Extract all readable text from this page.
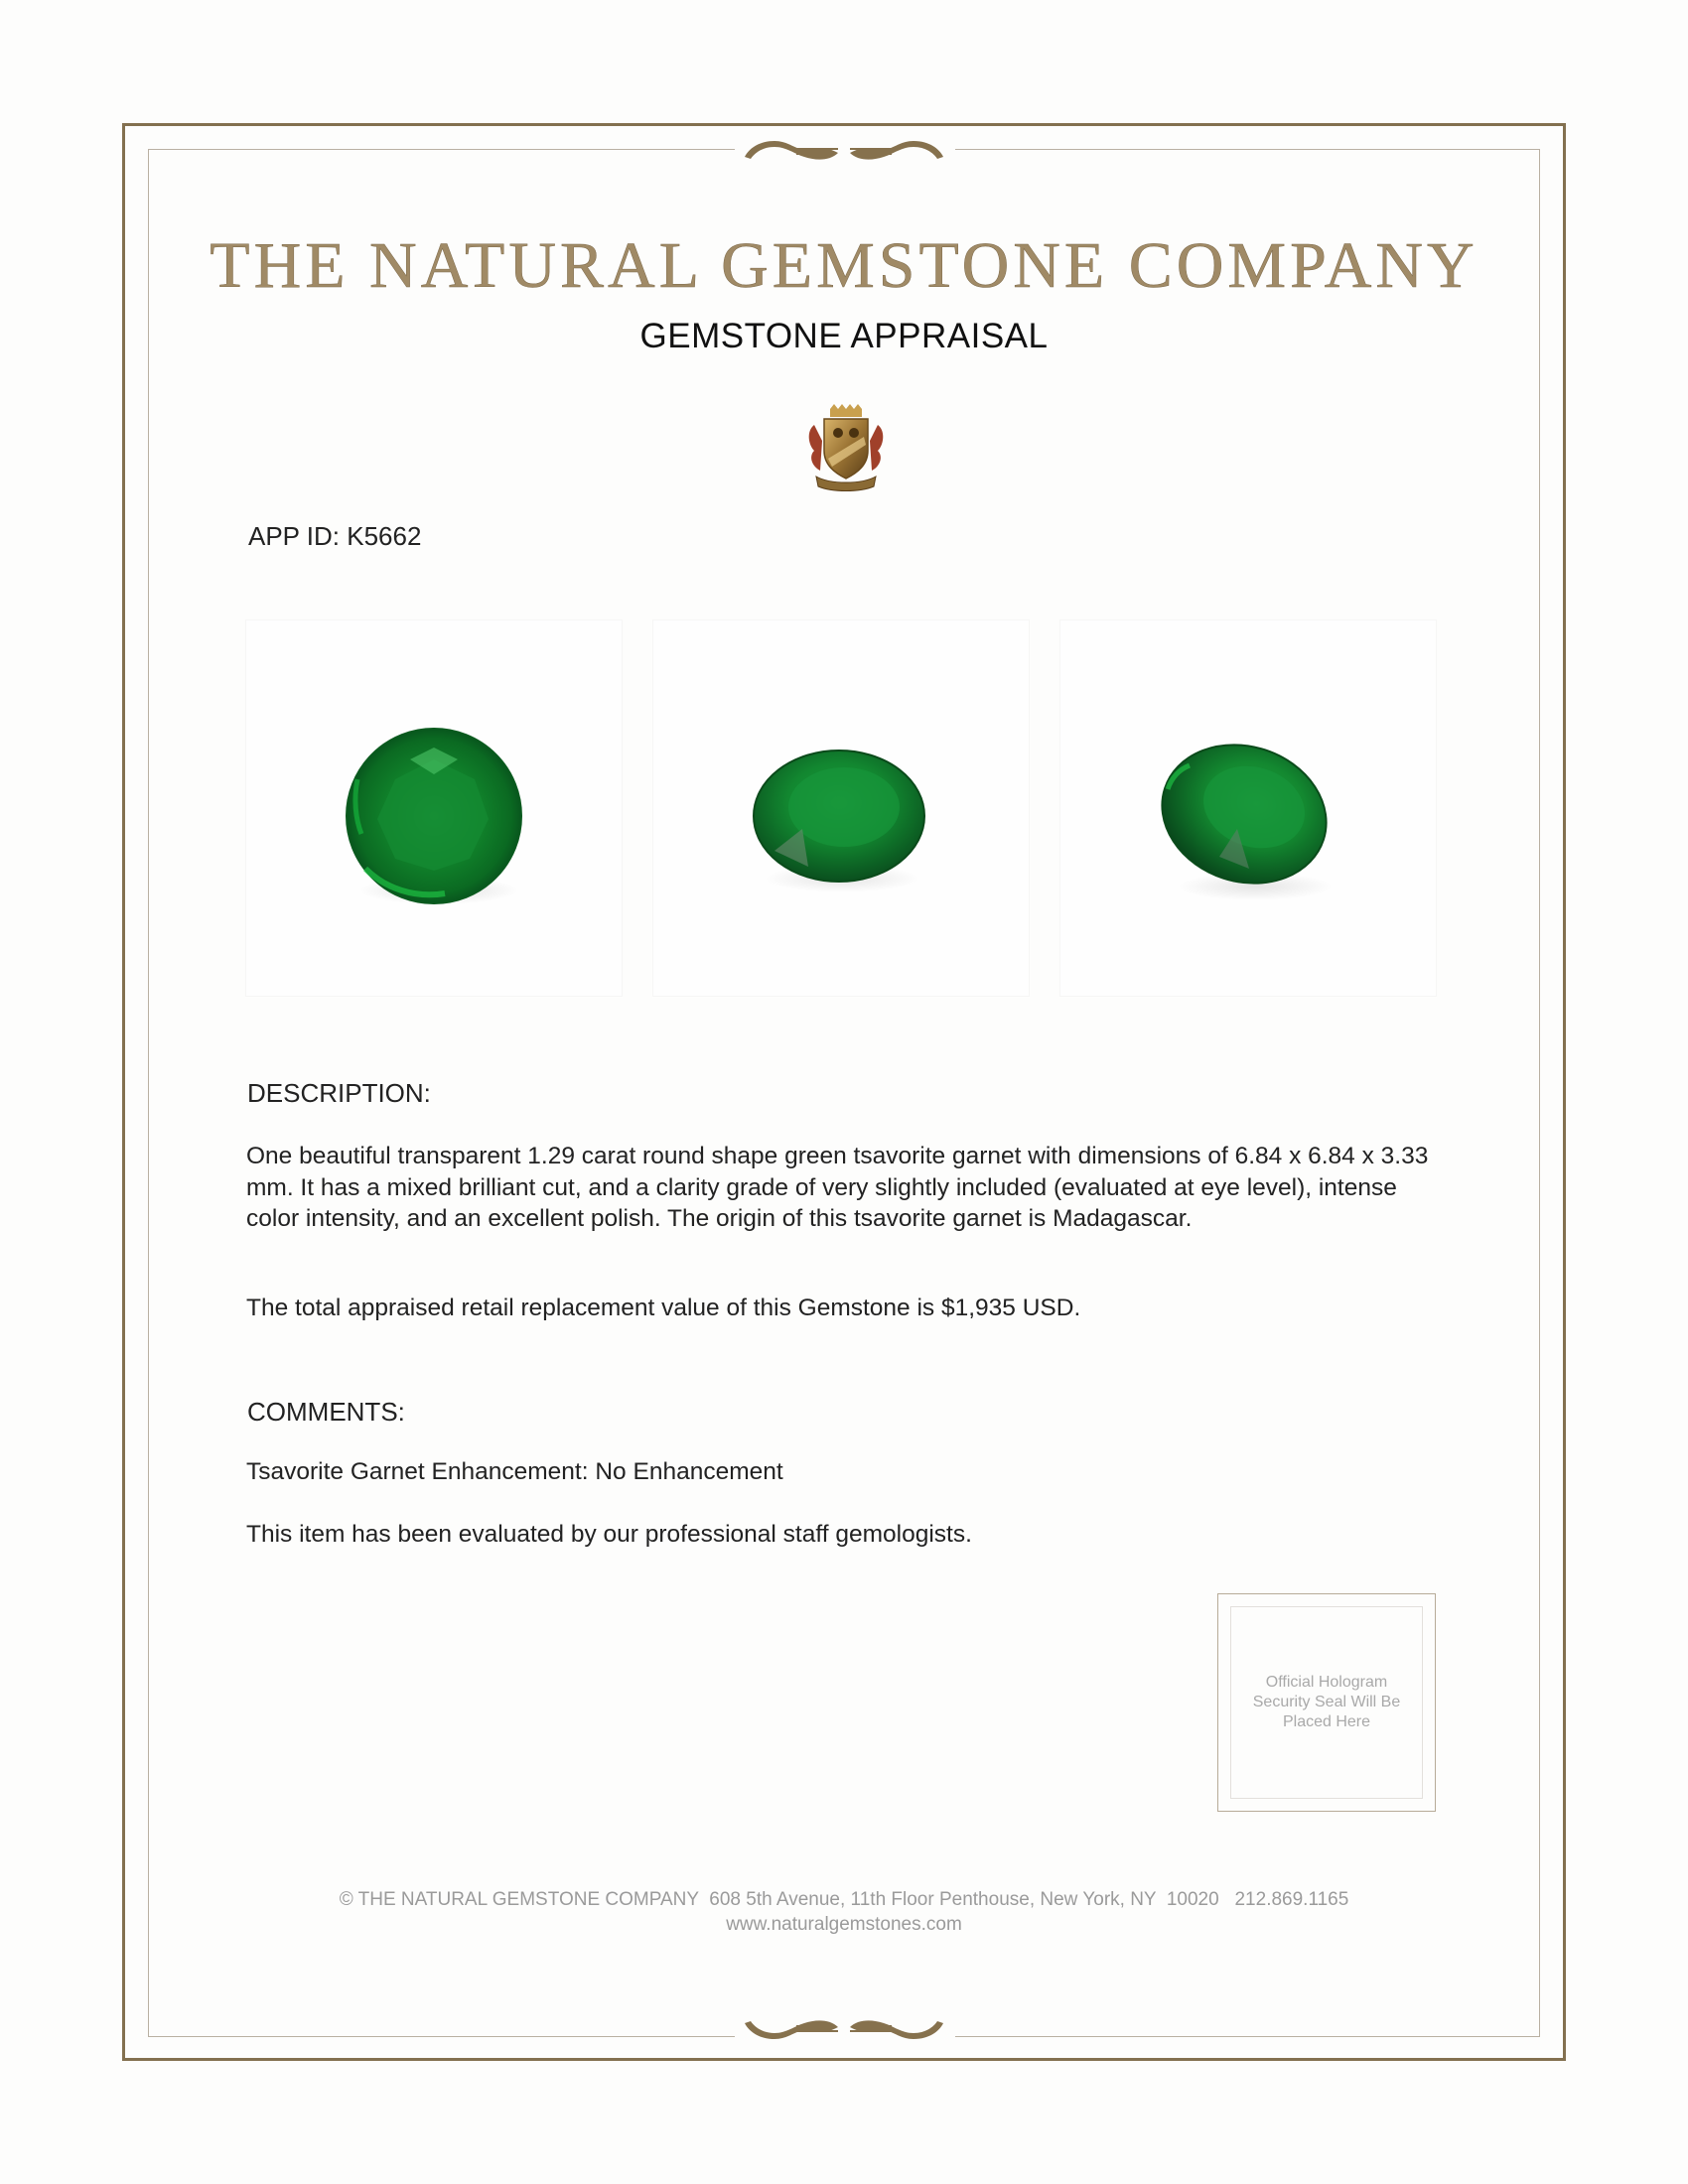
THE NATURAL GEMSTONE COMPANY
GEMSTONE APPRAISAL
APP ID: K5662
DESCRIPTION:
One beautiful transparent 1.29 carat round shape green tsavorite garnet with dimensions of 6.84 x 6.84 x 3.33 mm. It has a mixed brilliant cut, and a clarity grade of very slightly included (evaluated at eye level), intense color intensity, and an excellent polish. The origin of this tsavorite garnet is Madagascar.
The total appraised retail replacement value of this Gemstone is $1,935 USD.
COMMENTS:
Tsavorite Garnet Enhancement: No Enhancement
This item has been evaluated by our professional staff gemologists.
Official Hologram Security Seal Will Be Placed Here
© THE NATURAL GEMSTONE COMPANY  608 5th Avenue, 11th Floor Penthouse, New York, NY  10020   212.869.1165
www.naturalgemstones.com
